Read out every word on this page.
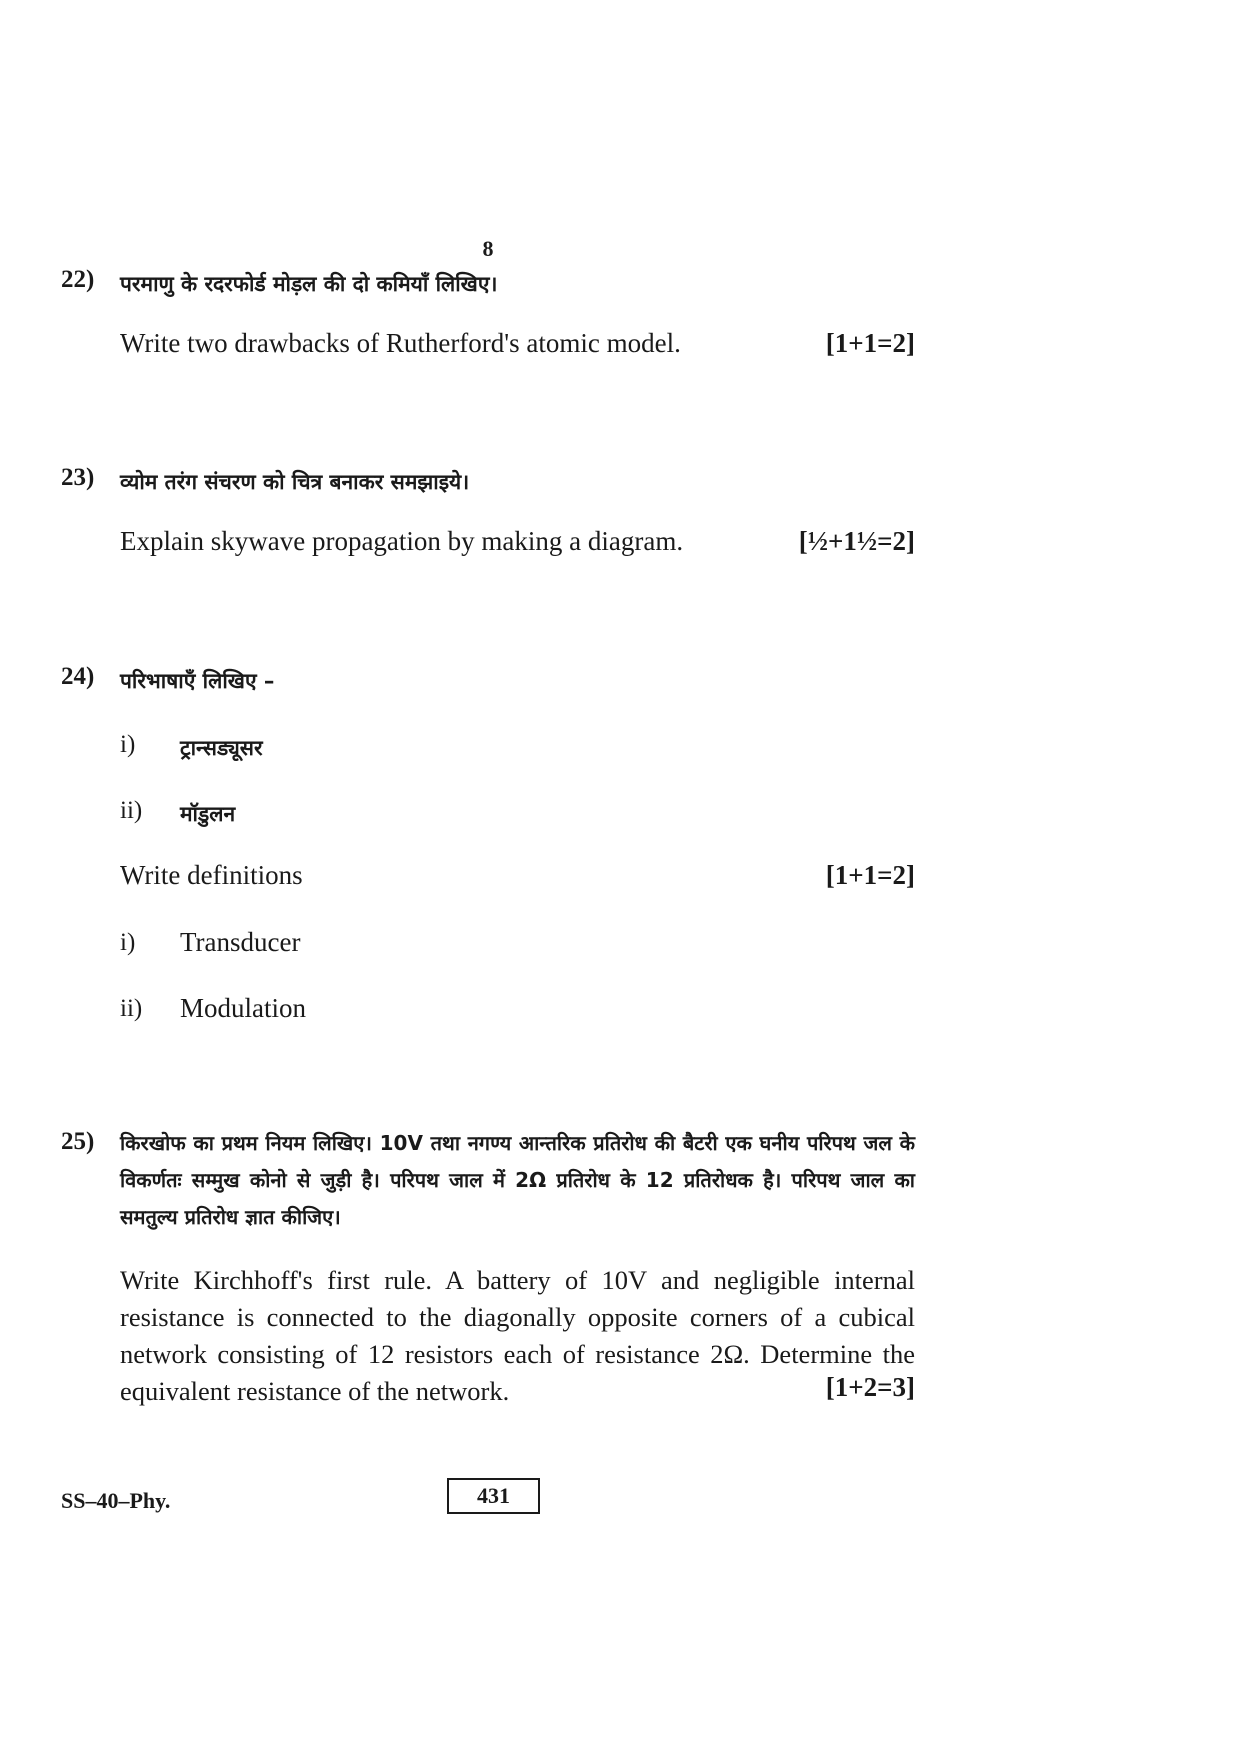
8
22) परमाणु के रदरफोर्ड मोड़ल की दो कमियाँ लिखिए।
Write two drawbacks of Rutherford's atomic model.	[1+1=2]
23) व्योम तरंग संचरण को चित्र बनाकर समझाइये।
Explain skywave propagation by making a diagram.	[½+1½=2]
24) परिभाषाएँ लिखिए –
i) ट्रान्सड्यूसर
ii) मॉडुलन
Write definitions	[1+1=2]
i) Transducer
ii) Modulation
25) किरखोफ का प्रथम नियम लिखिए। 10V तथा नगण्य आन्तरिक प्रतिरोध की बैटरी एक घनीय परिपथ जल के विकर्णतः सम्मुख कोनो से जुड़ी है। परिपथ जाल में 2Ω प्रतिरोध के 12 प्रतिरोधक है। परिपथ जाल का समतुल्य प्रतिरोध ज्ञात कीजिए।
Write Kirchhoff's first rule. A battery of 10V and negligible internal resistance is connected to the diagonally opposite corners of a cubical network consisting of 12 resistors each of resistance 2Ω. Determine the equivalent resistance of the network.	[1+2=3]
SS–40–Phy.	431
